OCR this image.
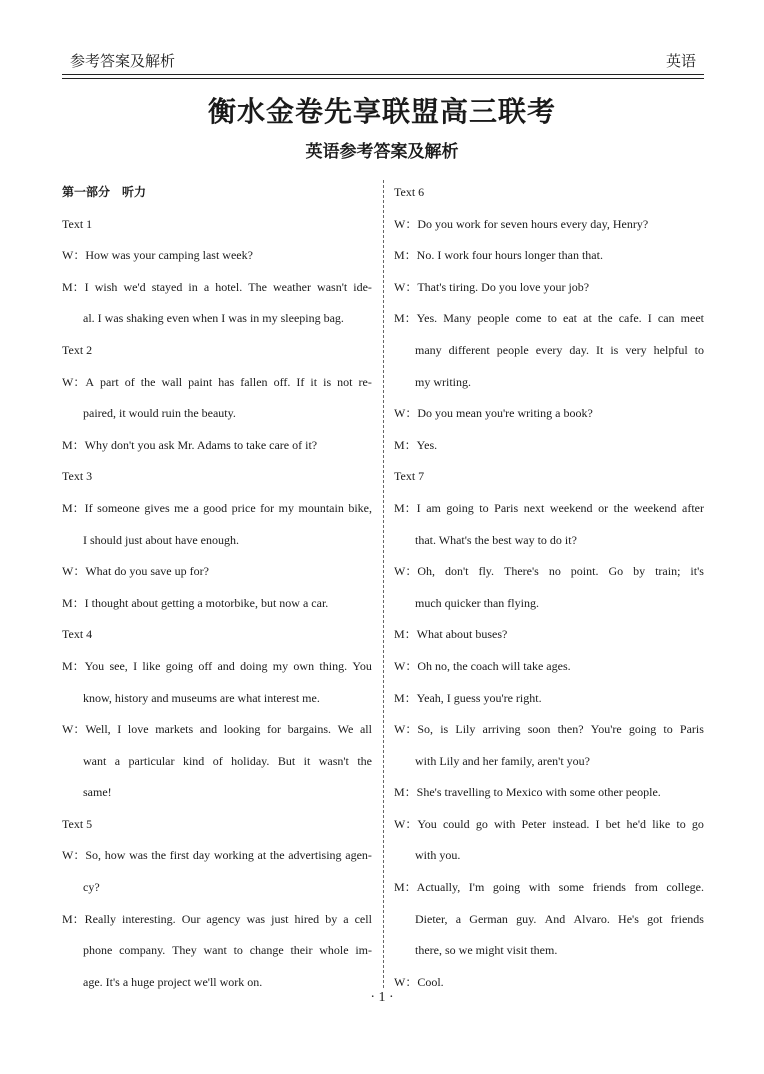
参考答案及解析	英语
衡水金卷先享联盟高三联考
英语参考答案及解析
第一部分　听力
Text 1
W：How was your camping last week?
M：I wish we'd stayed in a hotel. The weather wasn't ide-
al. I was shaking even when I was in my sleeping bag.
Text 2
W：A part of the wall paint has fallen off. If it is not re-
paired, it would ruin the beauty.
M：Why don't you ask Mr. Adams to take care of it?
Text 3
M：If someone gives me a good price for my mountain bike,
I should just about have enough.
W：What do you save up for?
M：I thought about getting a motorbike, but now a car.
Text 4
M：You see, I like going off and doing my own thing. You
know, history and museums are what interest me.
W：Well, I love markets and looking for bargains. We all
want a particular kind of holiday. But it wasn't the
same!
Text 5
W：So, how was the first day working at the advertising agen-
cy?
M：Really interesting. Our agency was just hired by a cell
phone company. They want to change their whole im-
age. It's a huge project we'll work on.
Text 6
W：Do you work for seven hours every day, Henry?
M：No. I work four hours longer than that.
W：That's tiring. Do you love your job?
M：Yes. Many people come to eat at the cafe. I can meet
many different people every day. It is very helpful to
my writing.
W：Do you mean you're writing a book?
M：Yes.
Text 7
M：I am going to Paris next weekend or the weekend after
that. What's the best way to do it?
W：Oh, don't fly. There's no point. Go by train; it's
much quicker than flying.
M：What about buses?
W：Oh no, the coach will take ages.
M：Yeah, I guess you're right.
W：So, is Lily arriving soon then? You're going to Paris
with Lily and her family, aren't you?
M：She's travelling to Mexico with some other people.
W：You could go with Peter instead. I bet he'd like to go
with you.
M：Actually, I'm going with some friends from college.
Dieter, a German guy. And Alvaro. He's got friends
there, so we might visit them.
W：Cool.
· 1 ·
